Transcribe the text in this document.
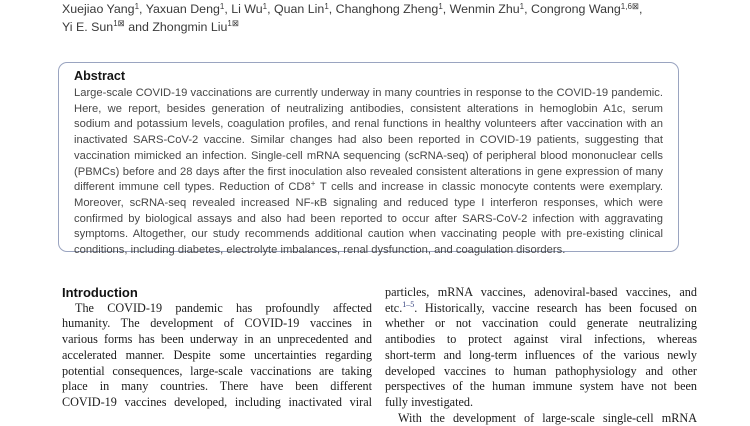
Xuejiao Yang$^1$, Yaxuan Deng$^1$, Li Wu$^1$, Quan Lin$^1$, Changhong Zheng$^1$, Wenmin Zhu$^1$, Congrong Wang$^{1,6⊠}$,
Yi E. Sun$^{1⊠}$ and Zhongmin Liu$^{1⊠}$
Abstract
Large-scale COVID-19 vaccinations are currently underway in many countries in response to the COVID-19 pandemic.
Here, we report, besides generation of neutralizing antibodies, consistent alterations in hemoglobin A1c, serum
sodium and potassium levels, coagulation profiles, and renal functions in healthy volunteers after vaccination with an
inactivated SARS-CoV-2 vaccine. Similar changes had also been reported in COVID-19 patients, suggesting that
vaccination mimicked an infection. Single-cell mRNA sequencing (scRNA-seq) of peripheral blood mononuclear cells
(PBMCs) before and 28 days after the first inoculation also revealed consistent alterations in gene expression of many
different immune cell types. Reduction of CD8+ T cells and increase in classic monocyte contents were exemplary.
Moreover, scRNA-seq revealed increased NF-κB signaling and reduced type I interferon responses, which were
confirmed by biological assays and also had been reported to occur after SARS-CoV-2 infection with aggravating
symptoms. Altogether, our study recommends additional caution when vaccinating people with pre-existing clinical
conditions, including diabetes, electrolyte imbalances, renal dysfunction, and coagulation disorders.
Introduction
The COVID-19 pandemic has profoundly affected
humanity. The development of COVID-19 vaccines in
various forms has been underway in an unprecedented and
accelerated manner. Despite some uncertainties regarding
potential consequences, large-scale vaccinations are taking
place in many countries. There have been different
COVID-19 vaccines developed, including inactivated viral
particles, mRNA vaccines, adenoviral-based vaccines, and
etc.$^{1-5}$. Historically, vaccine research has been focused on
whether or not vaccination could generate neutralizing
antibodies to protect against viral infections, whereas
short-term and long-term influences of the various newly
developed vaccines to human pathophysiology and other
perspectives of the human immune system have not been
fully investigated.
With the development of large-scale single-cell mRNA
